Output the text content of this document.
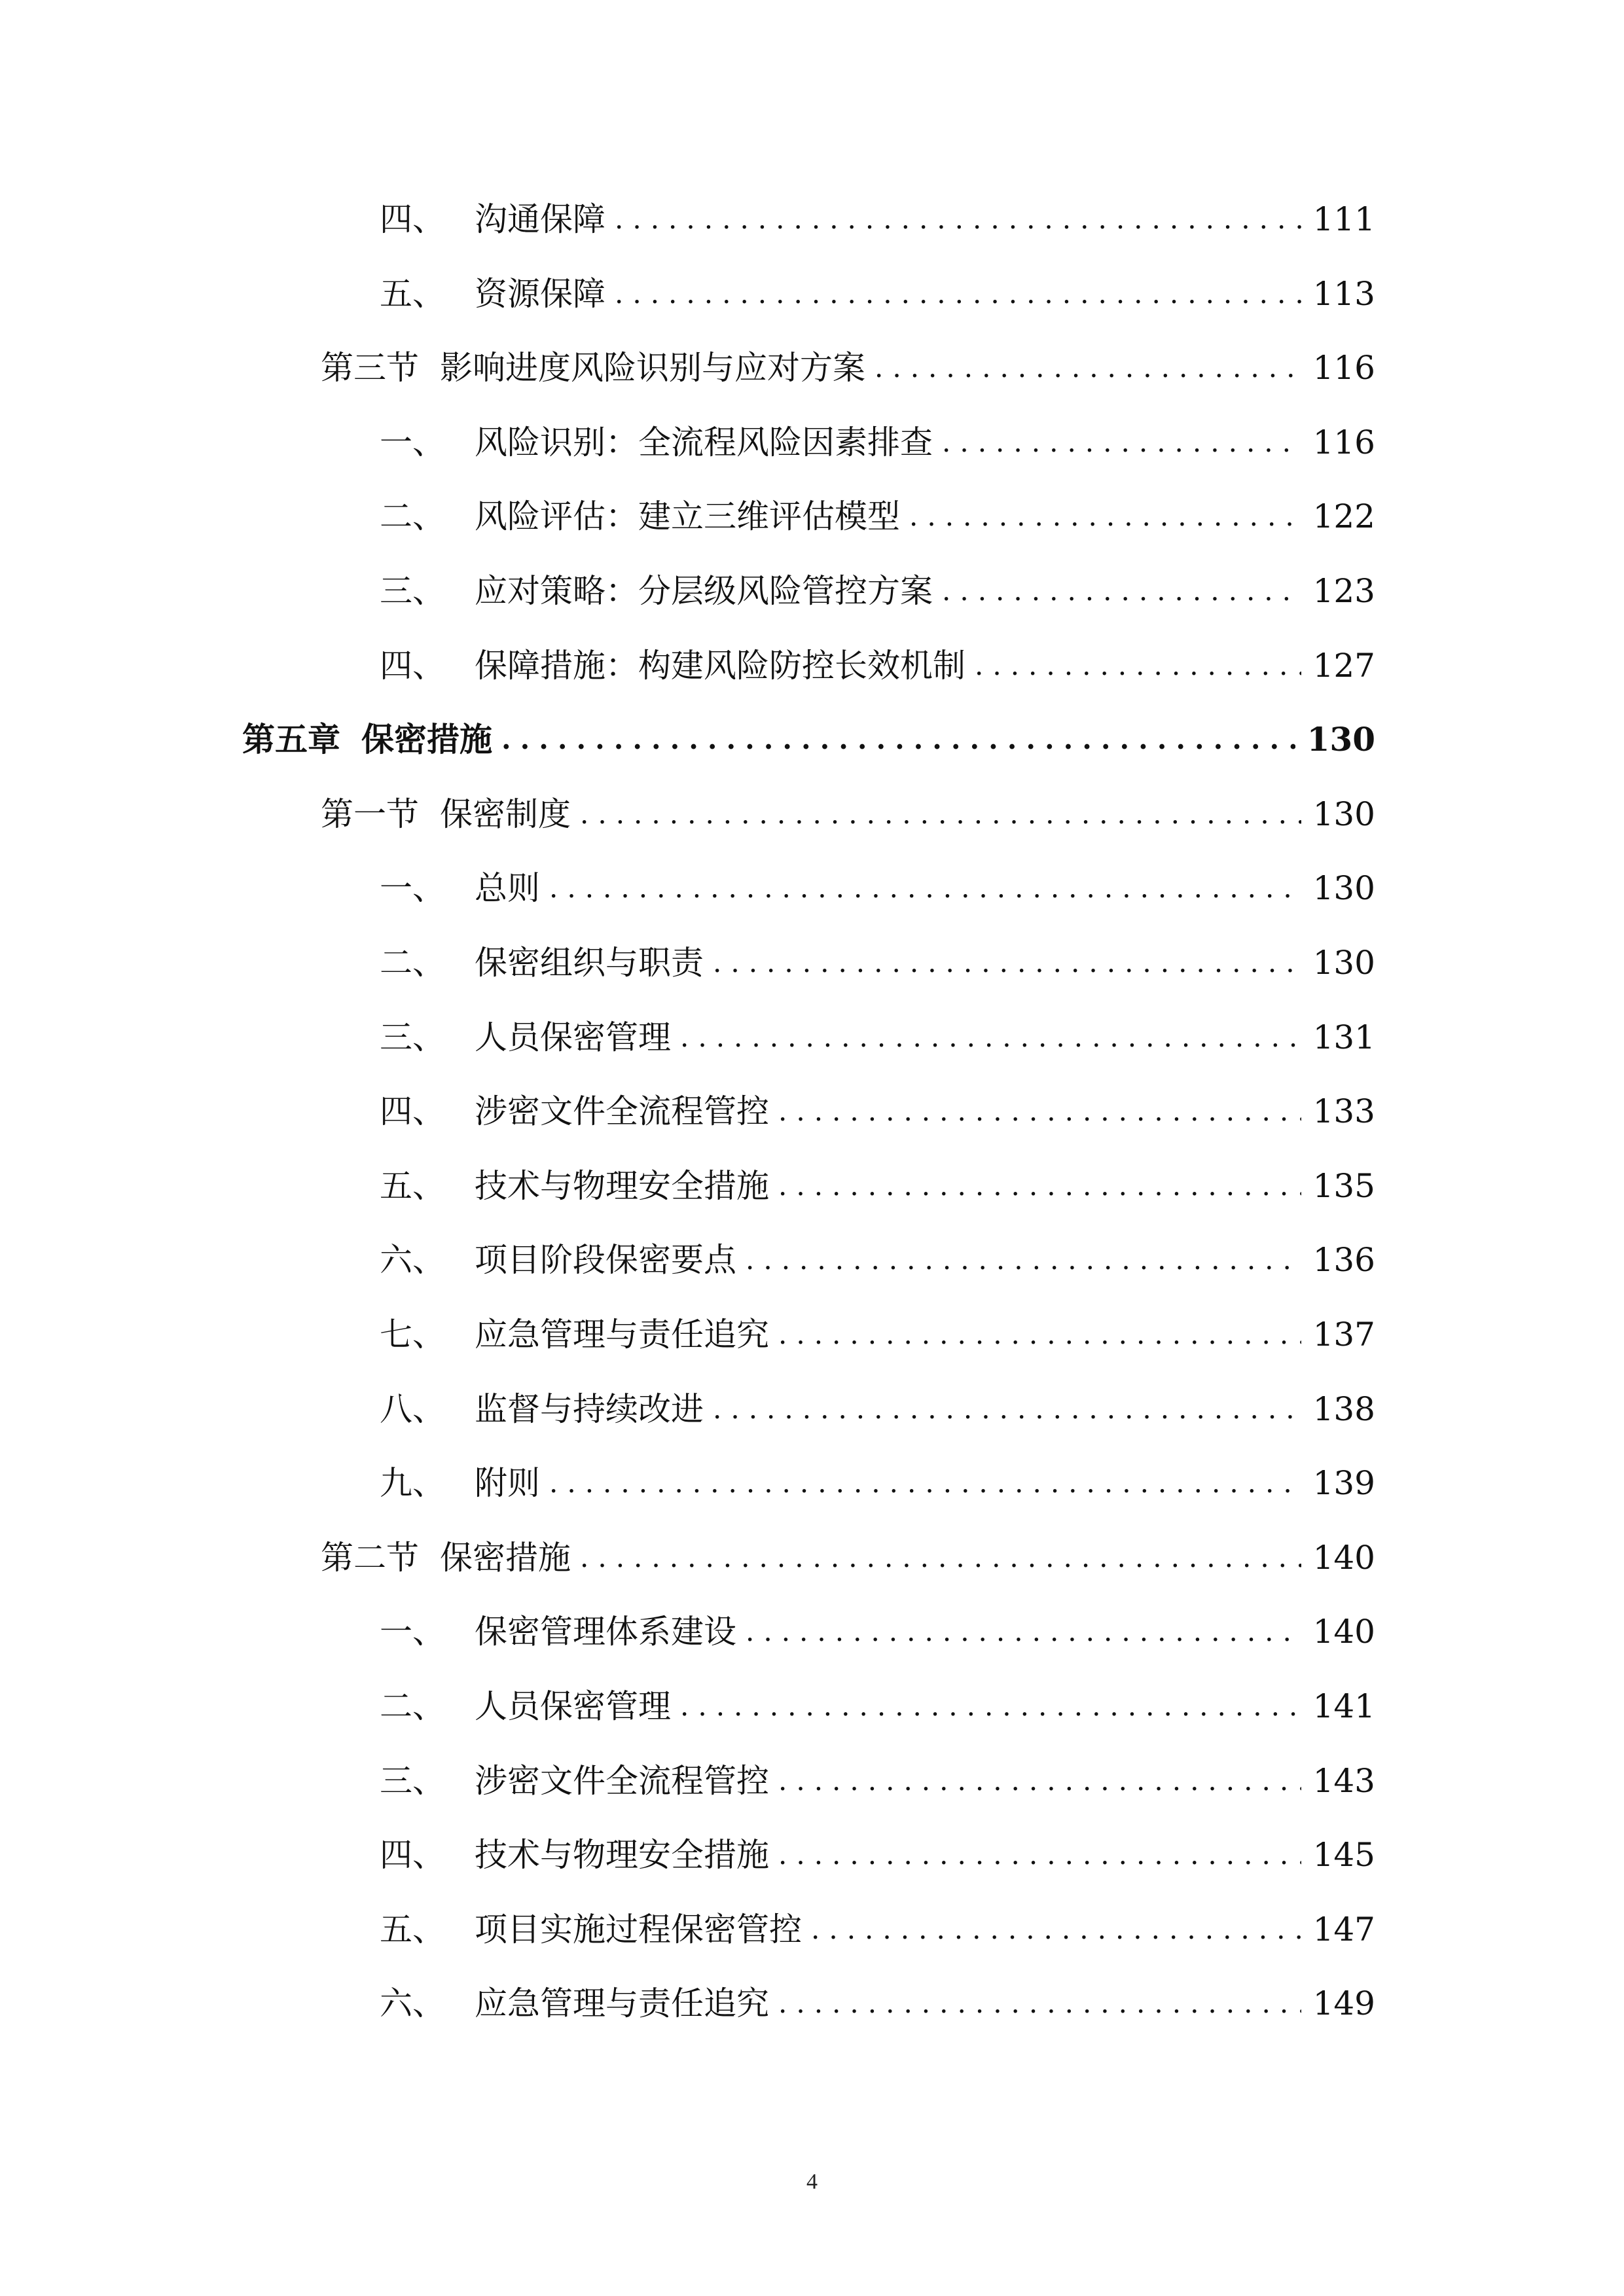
四、 沟通保障 .....	111
五、 资源保障 .....	113
第三节 影响进度风险识别与应对方案 .....	116
一、 风险识别：全流程风险因素排查 .....	116
二、 风险评估：建立三维评估模型 .....	122
三、 应对策略：分层级风险管控方案 .....	123
四、 保障措施：构建风险防控长效机制 .....	127
第五章 保密措施 .....	130
第一节 保密制度 .....	130
一、 总则 .....	130
二、 保密组织与职责 .....	130
三、 人员保密管理 .....	131
四、 涉密文件全流程管控 .....	133
五、 技术与物理安全措施 .....	135
六、 项目阶段保密要点 .....	136
七、 应急管理与责任追究 .....	137
八、 监督与持续改进 .....	138
九、 附则 .....	139
第二节 保密措施 .....	140
一、 保密管理体系建设 .....	140
二、 人员保密管理 .....	141
三、 涉密文件全流程管控 .....	143
四、 技术与物理安全措施 .....	145
五、 项目实施过程保密管控 .....	147
六、 应急管理与责任追究 .....	149
4
